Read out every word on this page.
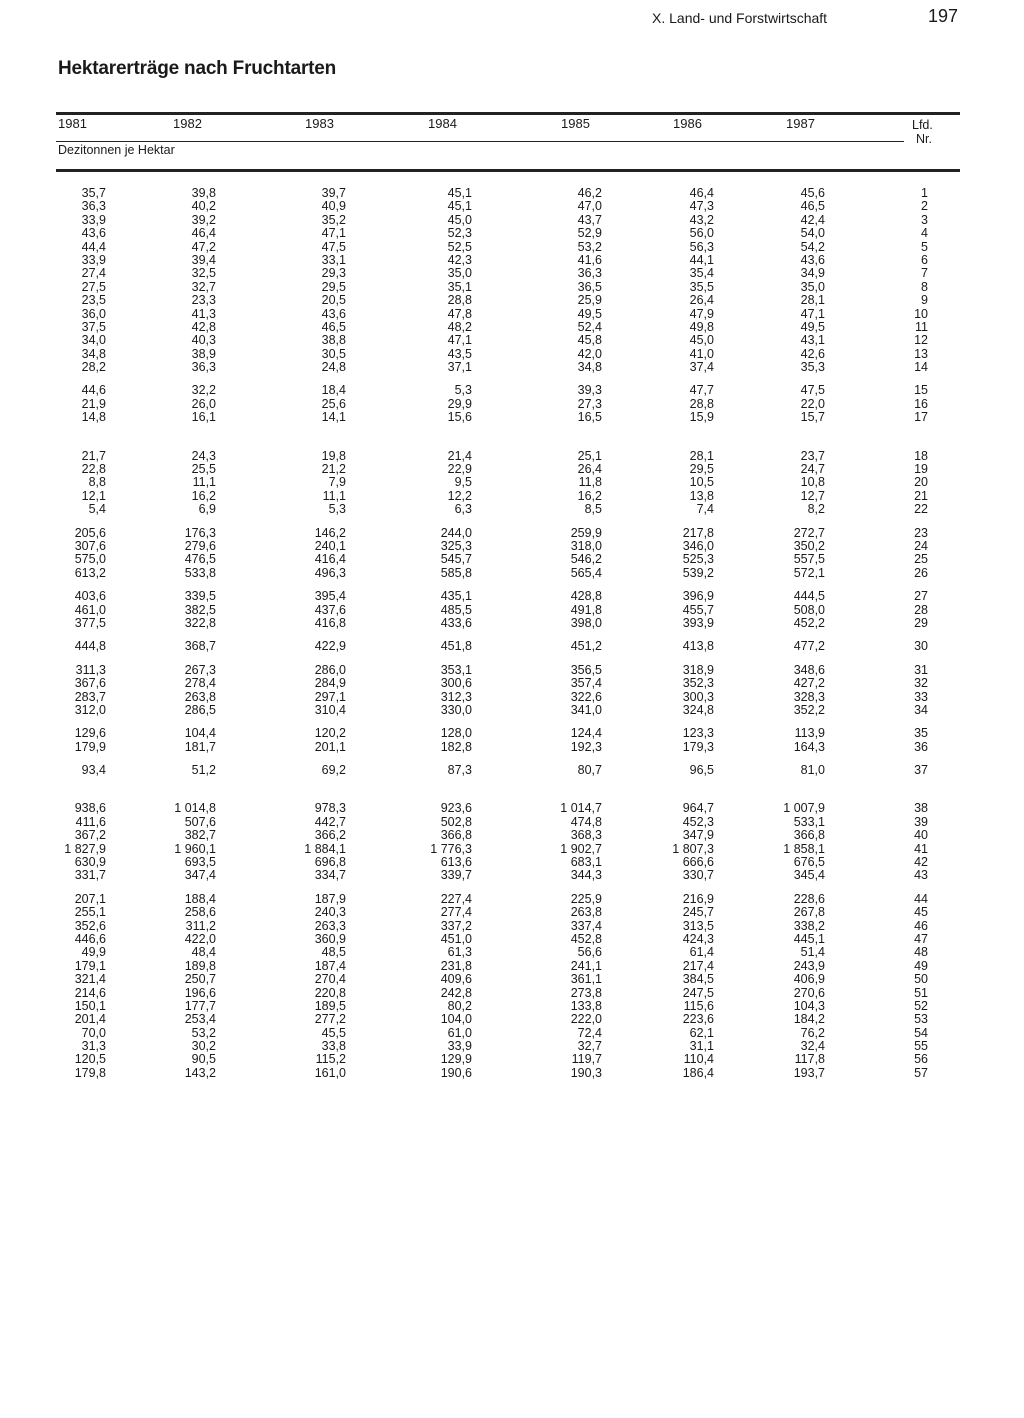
X. Land- und Forstwirtschaft	197
Hektarerträge nach Fruchtarten
1981	1982	1983	1984	1985	1986	1987	Lfd.
Nr.
Dezitonnen je Hektar
35,7	39,8	39,7	45,1	46,2	46,4	45,6	1
36,3	40,2	40,9	45,1	47,0	47,3	46,5	2
33,9	39,2	35,2	45,0	43,7	43,2	42,4	3
43,6	46,4	47,1	52,3	52,9	56,0	54,0	4
44,4	47,2	47,5	52,5	53,2	56,3	54,2	5
33,9	39,4	33,1	42,3	41,6	44,1	43,6	6
27,4	32,5	29,3	35,0	36,3	35,4	34,9	7
27,5	32,7	29,5	35,1	36,5	35,5	35,0	8
23,5	23,3	20,5	28,8	25,9	26,4	28,1	9
36,0	41,3	43,6	47,8	49,5	47,9	47,1	10
37,5	42,8	46,5	48,2	52,4	49,8	49,5	11
34,0	40,3	38,8	47,1	45,8	45,0	43,1	12
34,8	38,9	30,5	43,5	42,0	41,0	42,6	13
28,2	36,3	24,8	37,1	34,8	37,4	35,3	14
44,6	32,2	18,4	5,3	39,3	47,7	47,5	15
21,9	26,0	25,6	29,9	27,3	28,8	22,0	16
14,8	16,1	14,1	15,6	16,5	15,9	15,7	17
21,7	24,3	19,8	21,4	25,1	28,1	23,7	18
22,8	25,5	21,2	22,9	26,4	29,5	24,7	19
8,8	11,1	7,9	9,5	11,8	10,5	10,8	20
12,1	16,2	11,1	12,2	16,2	13,8	12,7	21
5,4	6,9	5,3	6,3	8,5	7,4	8,2	22
205,6	176,3	146,2	244,0	259,9	217,8	272,7	23
307,6	279,6	240,1	325,3	318,0	346,0	350,2	24
575,0	476,5	416,4	545,7	546,2	525,3	557,5	25
613,2	533,8	496,3	585,8	565,4	539,2	572,1	26
403,6	339,5	395,4	435,1	428,8	396,9	444,5	27
461,0	382,5	437,6	485,5	491,8	455,7	508,0	28
377,5	322,8	416,8	433,6	398,0	393,9	452,2	29
444,8	368,7	422,9	451,8	451,2	413,8	477,2	30
311,3	267,3	286,0	353,1	356,5	318,9	348,6	31
367,6	278,4	284,9	300,6	357,4	352,3	427,2	32
283,7	263,8	297,1	312,3	322,6	300,3	328,3	33
312,0	286,5	310,4	330,0	341,0	324,8	352,2	34
129,6	104,4	120,2	128,0	124,4	123,3	113,9	35
179,9	181,7	201,1	182,8	192,3	179,3	164,3	36
93,4	51,2	69,2	87,3	80,7	96,5	81,0	37
938,6	1 014,8	978,3	923,6	1 014,7	964,7	1 007,9	38
411,6	507,6	442,7	502,8	474,8	452,3	533,1	39
367,2	382,7	366,2	366,8	368,3	347,9	366,8	40
1 827,9	1 960,1	1 884,1	1 776,3	1 902,7	1 807,3	1 858,1	41
630,9	693,5	696,8	613,6	683,1	666,6	676,5	42
331,7	347,4	334,7	339,7	344,3	330,7	345,4	43
207,1	188,4	187,9	227,4	225,9	216,9	228,6	44
255,1	258,6	240,3	277,4	263,8	245,7	267,8	45
352,6	311,2	263,3	337,2	337,4	313,5	338,2	46
446,6	422,0	360,9	451,0	452,8	424,3	445,1	47
49,9	48,4	48,5	61,3	56,6	61,4	51,4	48
179,1	189,8	187,4	231,8	241,1	217,4	243,9	49
321,4	250,7	270,4	409,6	361,1	384,5	406,9	50
214,6	196,6	220,8	242,8	273,8	247,5	270,6	51
150,1	177,7	189,5	80,2	133,8	115,6	104,3	52
201,4	253,4	277,2	104,0	222,0	223,6	184,2	53
70,0	53,2	45,5	61,0	72,4	62,1	76,2	54
31,3	30,2	33,8	33,9	32,7	31,1	32,4	55
120,5	90,5	115,2	129,9	119,7	110,4	117,8	56
179,8	143,2	161,0	190,6	190,3	186,4	193,7	57
